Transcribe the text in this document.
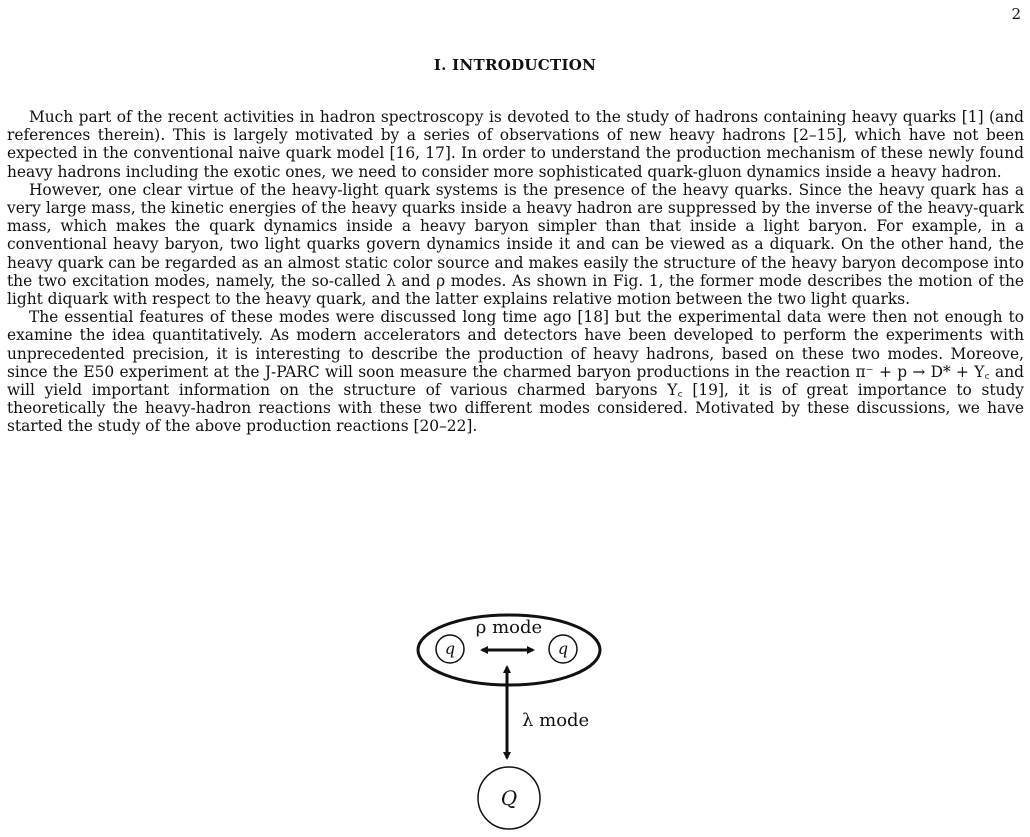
2
I. INTRODUCTION

Much part of the recent activities in hadron spectroscopy is devoted to the study of hadrons containing heavy quarks [1] (and references therein). This is largely motivated by a series of observations of new heavy hadrons [2–15], which have not been expected in the conventional naive quark model [16, 17]. In order to understand the production mechanism of these newly found heavy hadrons including the exotic ones, we need to consider more sophisticated quark-gluon dynamics inside a heavy hadron.

However, one clear virtue of the heavy-light quark systems is the presence of the heavy quarks. Since the heavy quark has a very large mass, the kinetic energies of the heavy quarks inside a heavy hadron are suppressed by the inverse of the heavy-quark mass, which makes the quark dynamics inside a heavy baryon simpler than that inside a light baryon. For example, in a conventional heavy baryon, two light quarks govern dynamics inside it and can be viewed as a diquark. On the other hand, the heavy quark can be regarded as an almost static color source and makes easily the structure of the heavy baryon decompose into the two excitation modes, namely, the so-called λ and ρ modes. As shown in Fig. 1, the former mode describes the motion of the light diquark with respect to the heavy quark, and the latter explains relative motion between the two light quarks.

The essential features of these modes were discussed long time ago [18] but the experimental data were then not enough to examine the idea quantitatively. As modern accelerators and detectors have been developed to perform the experiments with unprecedented precision, it is interesting to describe the production of heavy hadrons, based on these two modes. Moreove, since the E50 experiment at the J-PARC will soon measure the charmed baryon productions in the reaction π⁻ + p → D* + Y꜀ and will yield important information on the structure of various charmed baryons Y꜀ [19], it is of great importance to study theoretically the heavy-hadron reactions with these two different modes considered. Motivated by these discussions, we have started the study of the above production reactions [20–22].

ρ mode
q	q
λ mode
Q
